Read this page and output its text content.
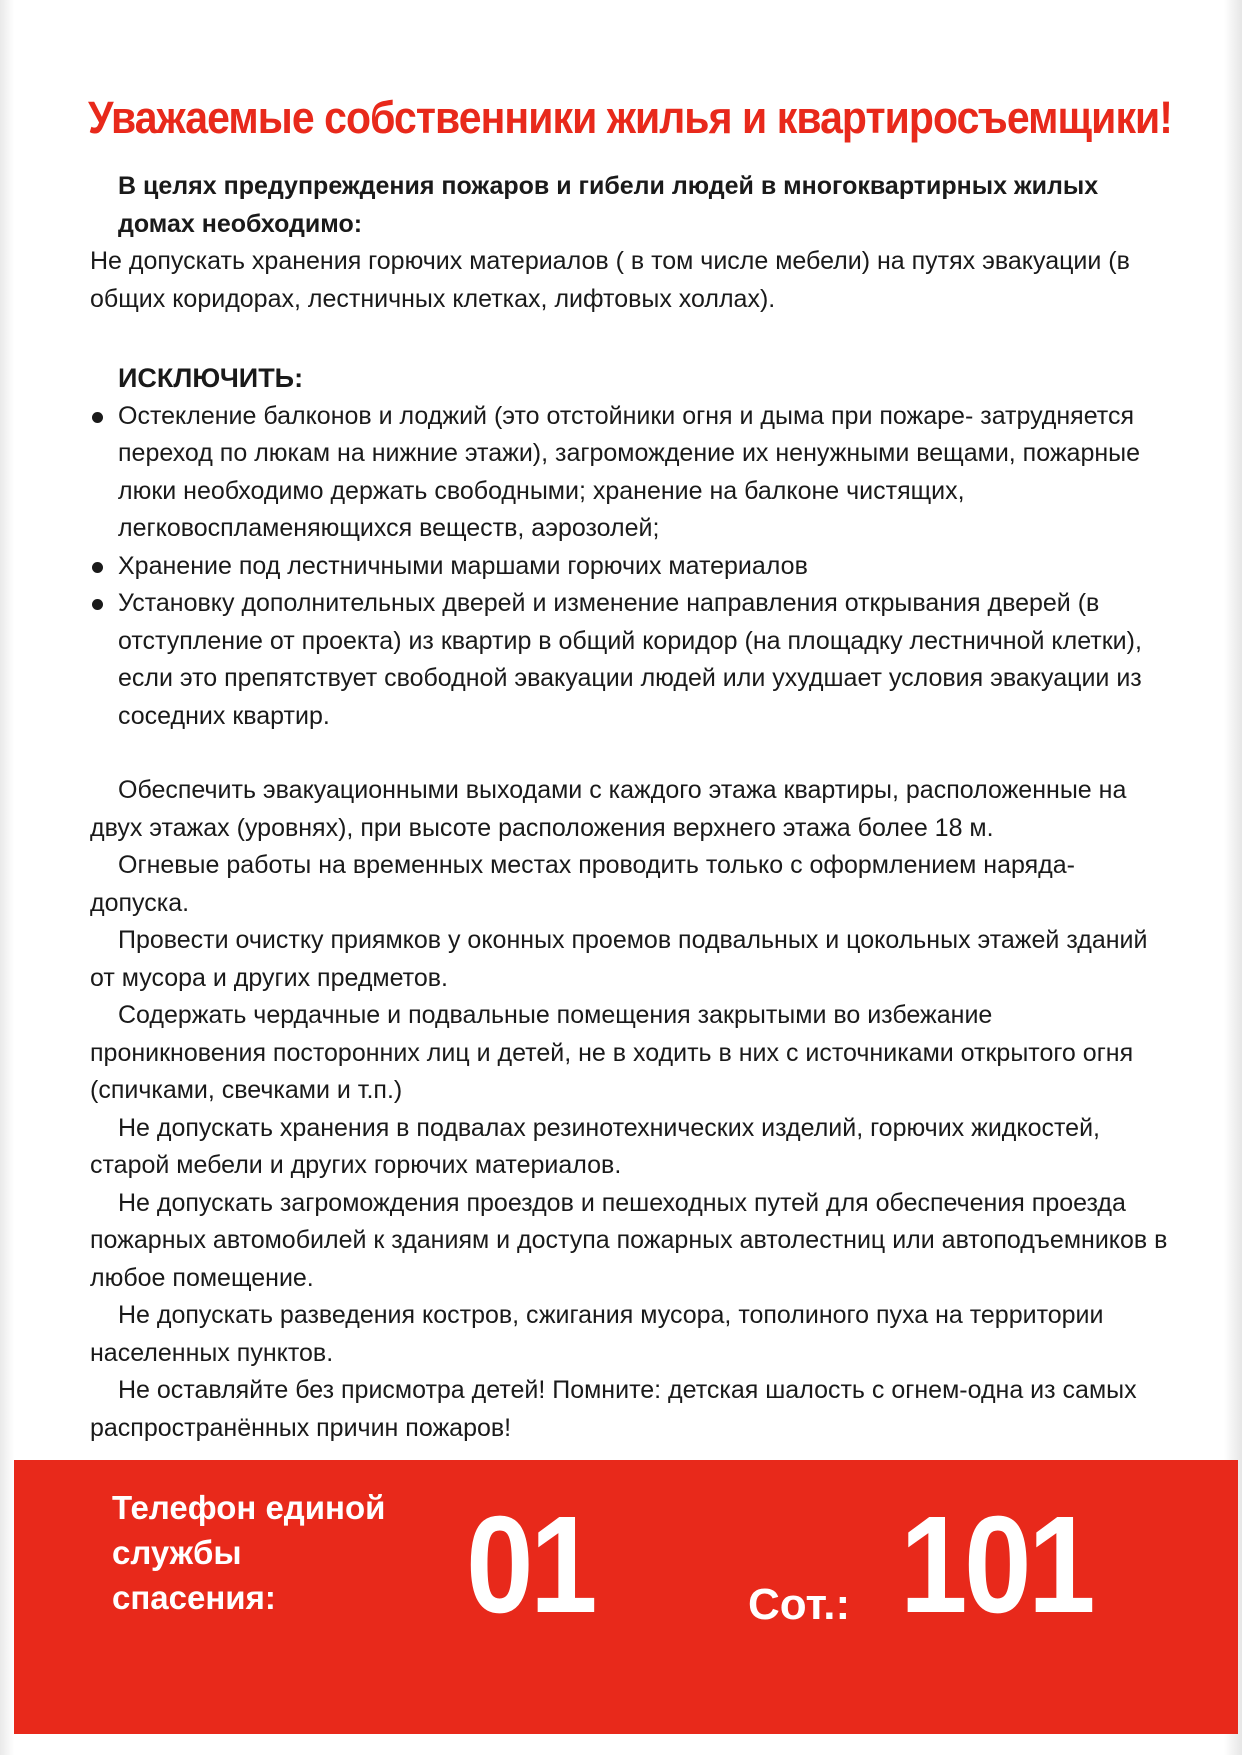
Уважаемые собственники жилья и квартиросъемщики!

В целях предупреждения пожаров и гибели людей в многоквартирных жилых домах необходимо:

Не допускать хранения горючих материалов ( в том числе мебели) на путях эвакуации (в общих коридорах, лестничных клетках, лифтовых холлах).

ИСКЛЮЧИТЬ:

Остекление балконов и лоджий (это отстойники огня и дыма при пожаре- затрудняется переход по люкам на нижние этажи), загромождение их ненужными вещами, пожарные люки необходимо держать свободными; хранение на балконе чистящих, легковоспламеняющихся веществ, аэрозолей;
Хранение под лестничными маршами горючих материалов
Установку дополнительных дверей и изменение направления открывания дверей (в отступление от проекта) из квартир в общий коридор (на площадку лестничной клетки), если это препятствует свободной эвакуации людей или ухудшает условия эвакуации из соседних квартир.

Обеспечить эвакуационными выходами с каждого этажа квартиры, расположенные на двух этажах (уровнях), при высоте расположения верхнего этажа более 18 м.

Огневые работы на временных местах проводить только с оформлением наряда-допуска.

Провести очистку приямков у оконных проемов подвальных и цокольных этажей зданий от мусора и других предметов.

Содержать чердачные и подвальные помещения закрытыми во избежание проникновения посторонних лиц и детей, не в ходить в них с источниками открытого огня (спичками, свечками и т.п.)

Не допускать хранения в подвалах резинотехнических изделий, горючих жидкостей, старой мебели и других горючих материалов.

Не допускать загромождения проездов и пешеходных путей для обеспечения проезда пожарных автомобилей к зданиям и доступа пожарных автолестниц или автоподъемников в любое помещение.

Не допускать разведения костров, сжигания мусора, тополиного пуха на территории населенных пунктов.

Не оставляйте без присмотра детей! Помните: детская шалость с огнем-одна из самых распространённых причин пожаров!

Телефон единой
службы
спасения:	01	Сот.: 101
